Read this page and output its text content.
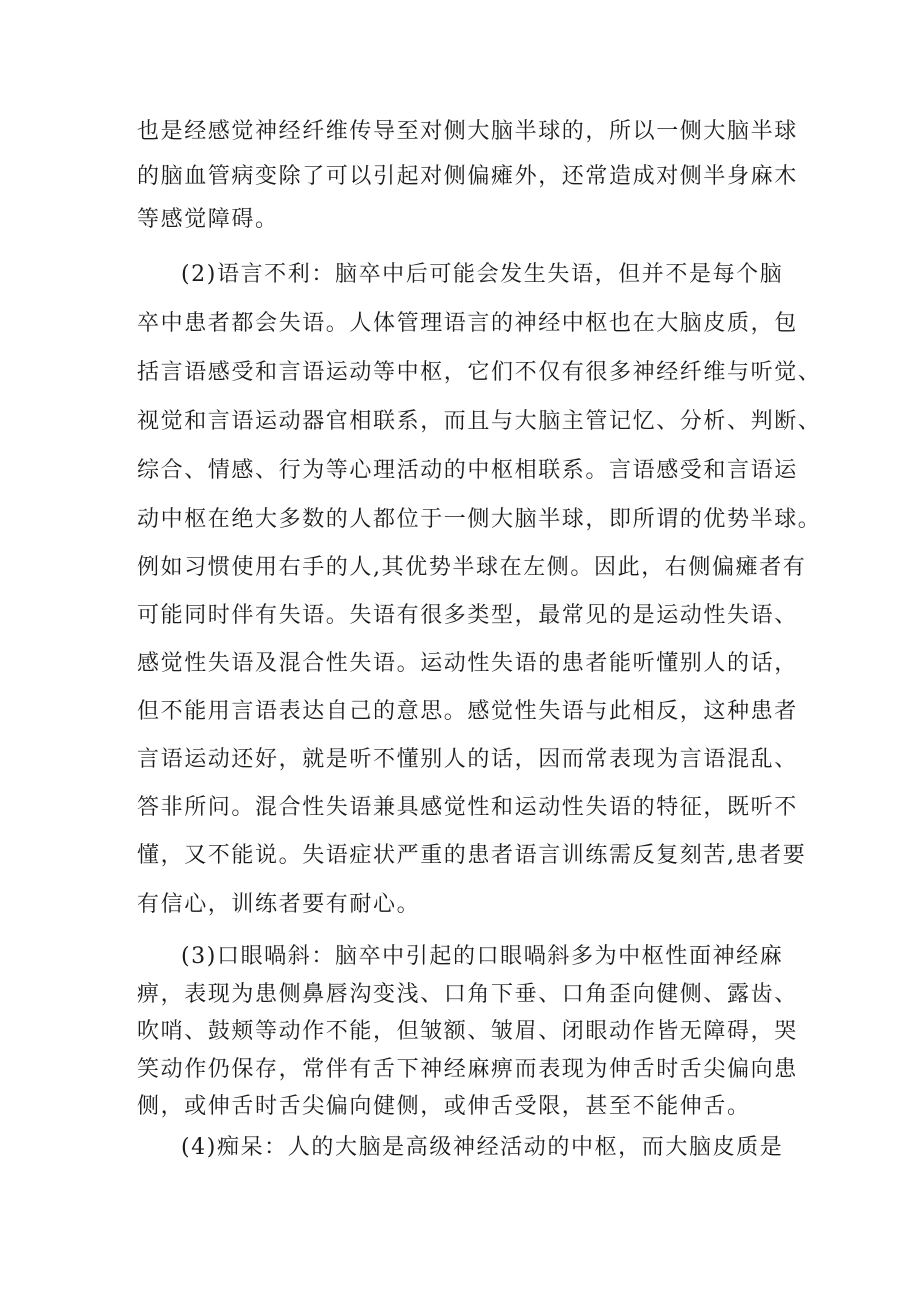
也是经感觉神经纤维传导至对侧大脑半球的，所以一侧大脑半球
的脑血管病变除了可以引起对侧偏瘫外，还常造成对侧半身麻木
等感觉障碍。
(2)语言不利：脑卒中后可能会发生失语，但并不是每个脑
卒中患者都会失语。人体管理语言的神经中枢也在大脑皮质，包
括言语感受和言语运动等中枢，它们不仅有很多神经纤维与听觉、
视觉和言语运动器官相联系，而且与大脑主管记忆、分析、判断、
综合、情感、行为等心理活动的中枢相联系。言语感受和言语运
动中枢在绝大多数的人都位于一侧大脑半球，即所谓的优势半球。
例如习惯使用右手的人,其优势半球在左侧。因此，右侧偏瘫者有
可能同时伴有失语。失语有很多类型，最常见的是运动性失语、
感觉性失语及混合性失语。运动性失语的患者能听懂别人的话，
但不能用言语表达自己的意思。感觉性失语与此相反，这种患者
言语运动还好，就是听不懂别人的话，因而常表现为言语混乱、
答非所问。混合性失语兼具感觉性和运动性失语的特征，既听不
懂，又不能说。失语症状严重的患者语言训练需反复刻苦,患者要
有信心，训练者要有耐心。
(3)口眼喎斜：脑卒中引起的口眼喎斜多为中枢性面神经麻
痹，表现为患侧鼻唇沟变浅、口角下垂、口角歪向健侧、露齿、
吹哨、鼓颊等动作不能，但皱额、皱眉、闭眼动作皆无障碍，哭
笑动作仍保存，常伴有舌下神经麻痹而表现为伸舌时舌尖偏向患
侧，或伸舌时舌尖偏向健侧，或伸舌受限，甚至不能伸舌。
(4)痴呆：人的大脑是高级神经活动的中枢，而大脑皮质是
